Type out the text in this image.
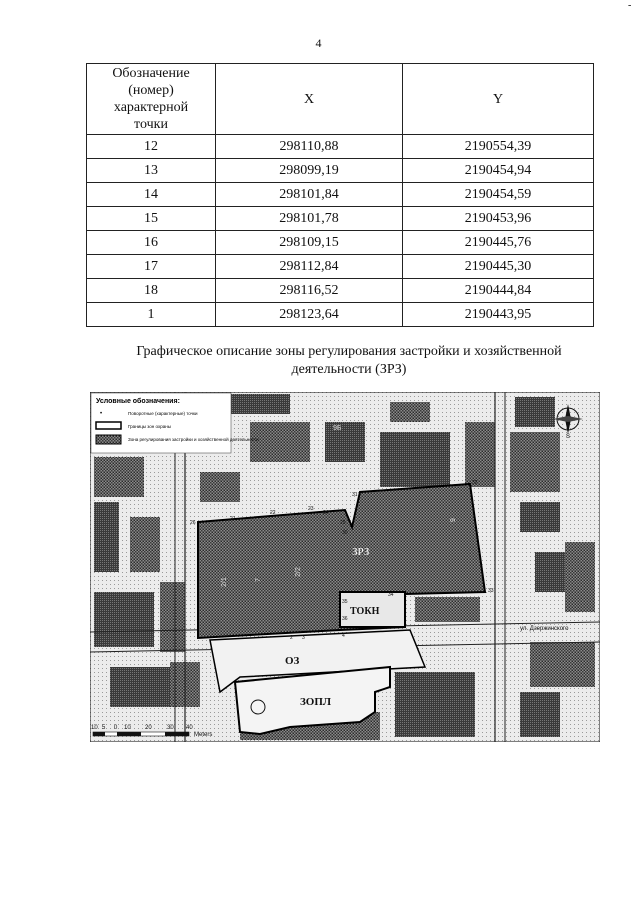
-
4
Обозначение
(номер)
характерной
точки	X	Y
12	298110,88	2190554,39
13	298099,19	2190454,94
14	298101,84	2190454,59
15	298101,78	2190453,96
16	298109,15	2190445,76
17	298112,84	2190445,30
18	298116,52	2190444,84
1	298123,64	2190443,95
Графическое описание зоны регулирования застройки и хозяйственной
деятельности (ЗРЗ)
Условные обозначения:
•	Поворотные (характерные) точки
Границы зон охраны
Зона регулирования застройки и хозяйственной деятельности	S
ЗРЗ
ТОКН
ОЗ
ЗОПЛ
ул. Дзержинского
26
21
22
23
24
25
30
31
32
33
34
35
36
2 3	4
2/1	7
2/2
9
9Б
10 5 0 10 20	30 40
Meters
